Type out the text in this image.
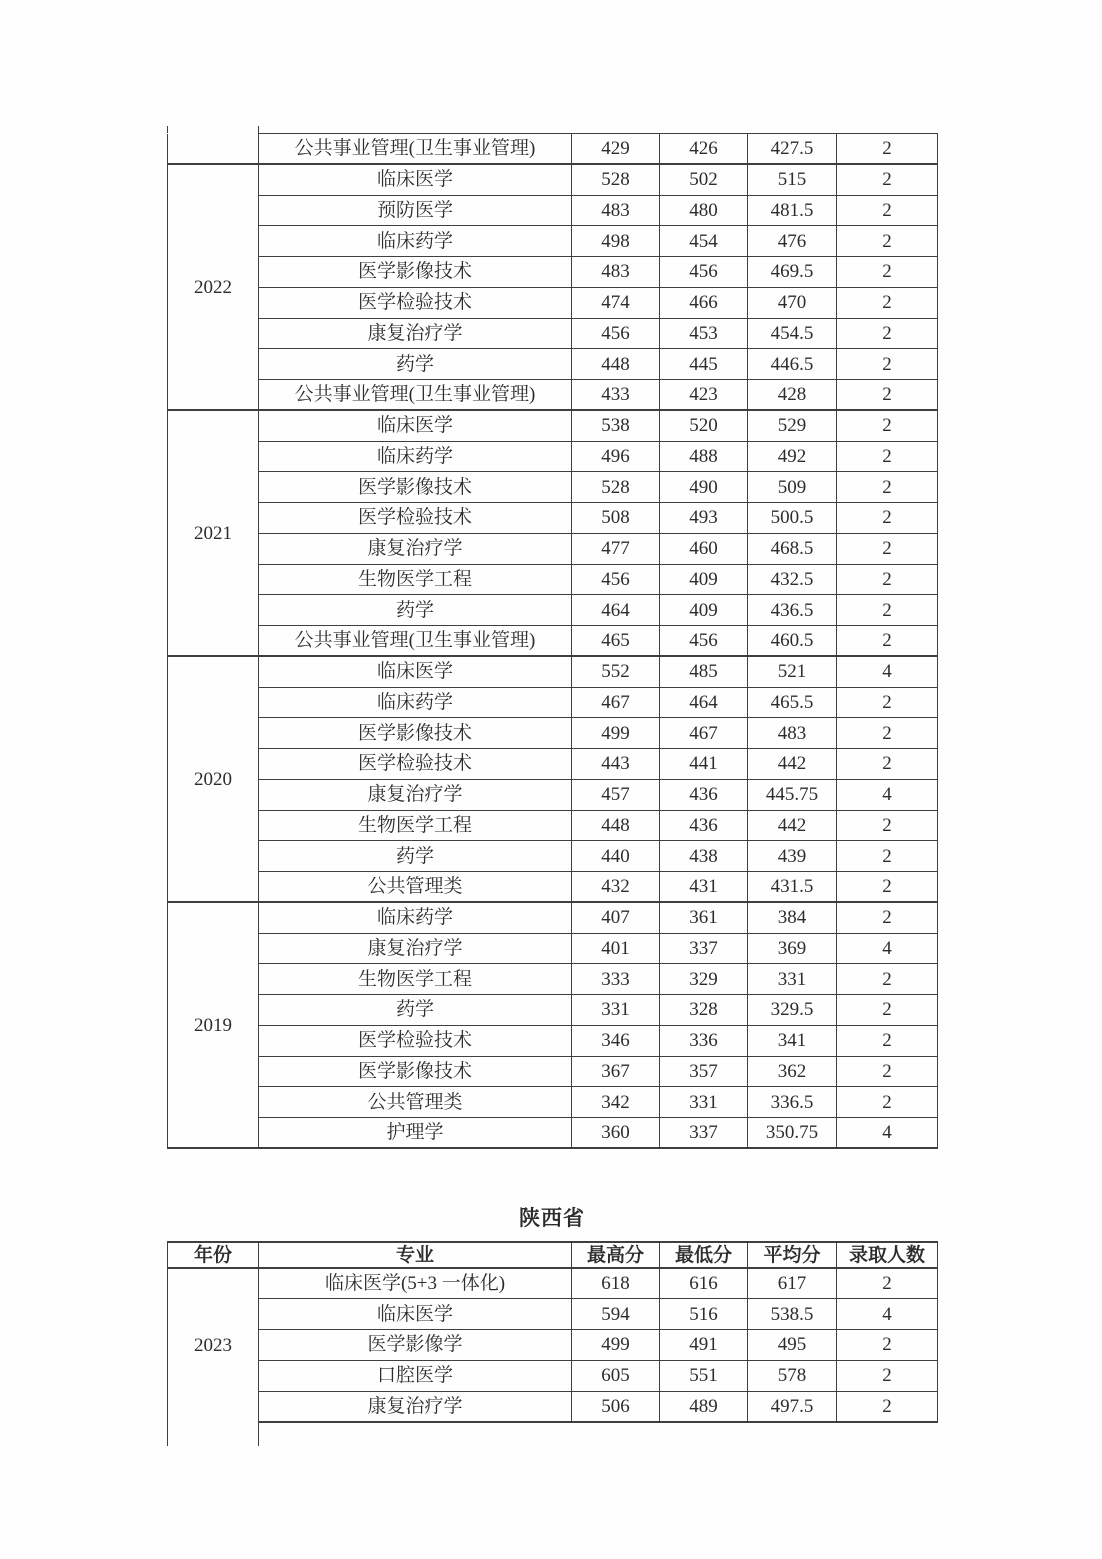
	公共事业管理(卫生事业管理)	429	426	427.5	2
2022	临床医学	528	502	515	2
	预防医学	483	480	481.5	2
	临床药学	498	454	476	2
	医学影像技术	483	456	469.5	2
	医学检验技术	474	466	470	2
	康复治疗学	456	453	454.5	2
	药学	448	445	446.5	2
	公共事业管理(卫生事业管理)	433	423	428	2
2021	临床医学	538	520	529	2
	临床药学	496	488	492	2
	医学影像技术	528	490	509	2
	医学检验技术	508	493	500.5	2
	康复治疗学	477	460	468.5	2
	生物医学工程	456	409	432.5	2
	药学	464	409	436.5	2
	公共事业管理(卫生事业管理)	465	456	460.5	2
2020	临床医学	552	485	521	4
	临床药学	467	464	465.5	2
	医学影像技术	499	467	483	2
	医学检验技术	443	441	442	2
	康复治疗学	457	436	445.75	4
	生物医学工程	448	436	442	2
	药学	440	438	439	2
	公共管理类	432	431	431.5	2
2019	临床药学	407	361	384	2
	康复治疗学	401	337	369	4
	生物医学工程	333	329	331	2
	药学	331	328	329.5	2
	医学检验技术	346	336	341	2
	医学影像技术	367	357	362	2
	公共管理类	342	331	336.5	2
	护理学	360	337	350.75	4
陕西省
年份	专业	最高分	最低分	平均分	录取人数
2023	临床医学(5+3 一体化)	618	616	617	2
	临床医学	594	516	538.5	4
	医学影像学	499	491	495	2
	口腔医学	605	551	578	2
	康复治疗学	506	489	497.5	2
